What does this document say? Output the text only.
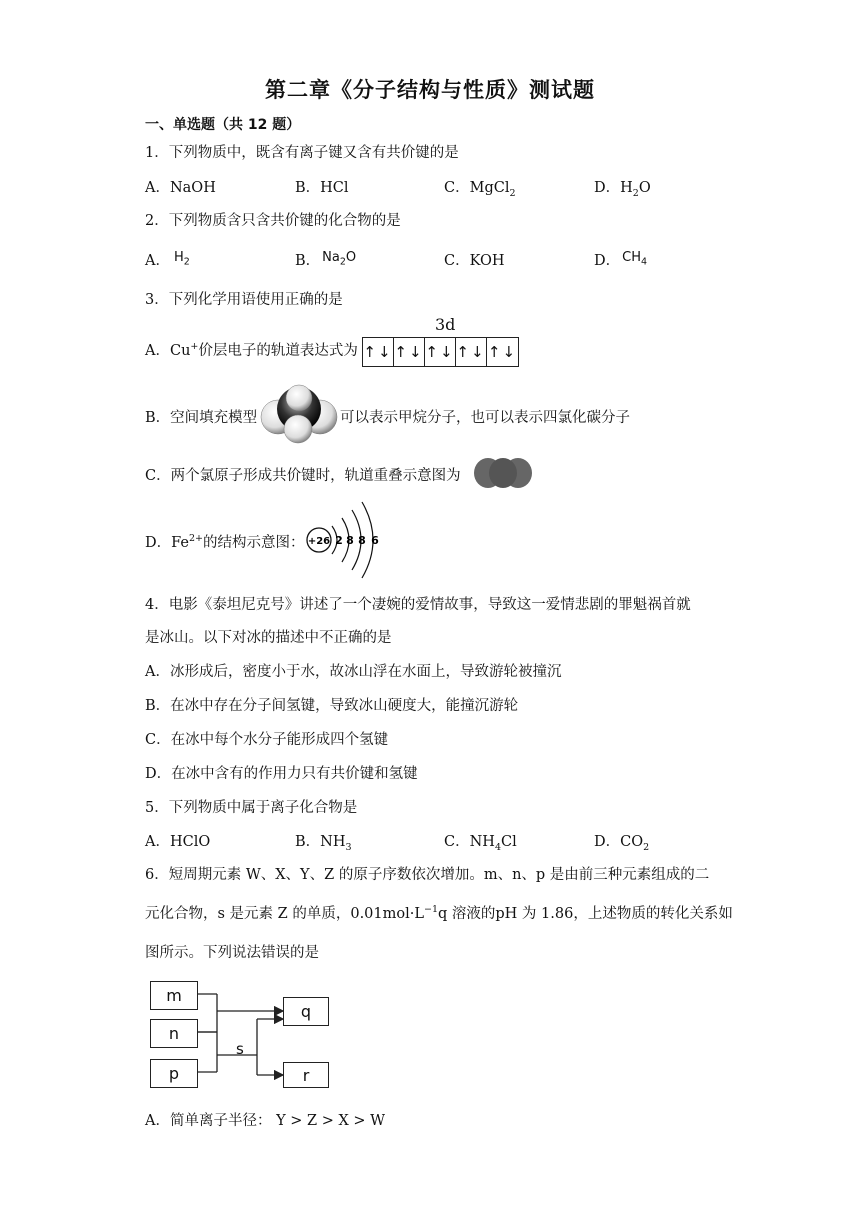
第二章《分子结构与性质》测试题
一、单选题（共 12 题）
1．下列物质中，既含有离子键又含有共价键的是
A．NaOH	B．HCl	C．MgCl$_2$	D．$H_2O$
2．下列物质含只含共价键的化合物的是
A． $H_2$	B． $Na_2O$	C．KOH	D． $CH_4$
3．下列化学用语使用正确的是
A．Cu+价层电子的轨道表达式为
3d
↑↓ ↑↓ ↑↓ ↑↓ ↑↓
B．空间填充模型	可以表示甲烷分子，也可以表示四氯化碳分子
C．两个氯原子形成共价键时，轨道重叠示意图为
D．$Fe^{2+}$的结构示意图： +26 2 8 8 6
4．电影《泰坦尼克号》讲述了一个凄婉的爱情故事，导致这一爱情悲剧的罪魁祸首就
是冰山。以下对冰的描述中不正确的是
A．冰形成后，密度小于水，故冰山浮在水面上，导致游轮被撞沉
B．在冰中存在分子间氢键，导致冰山硬度大，能撞沉游轮
C．在冰中每个水分子能形成四个氢键
D．在冰中含有的作用力只有共价键和氢键
5．下列物质中属于离子化合物是
A．HClO	B．$NH_3$	C．$NH_4Cl$	D．$CO_2$
6．短周期元素 W、X、Y、Z 的原子序数依次增加。m、n、p 是由前三种元素组成的二
元化合物，s 是元素 Z 的单质，$0.01mol\cdot L^{-1}q$ 溶液的pH 为 1.86，上述物质的转化关系如
图所示。下列说法错误的是
m
n
p
q
r
s
A．简单离子半径： Y > Z > X > W
